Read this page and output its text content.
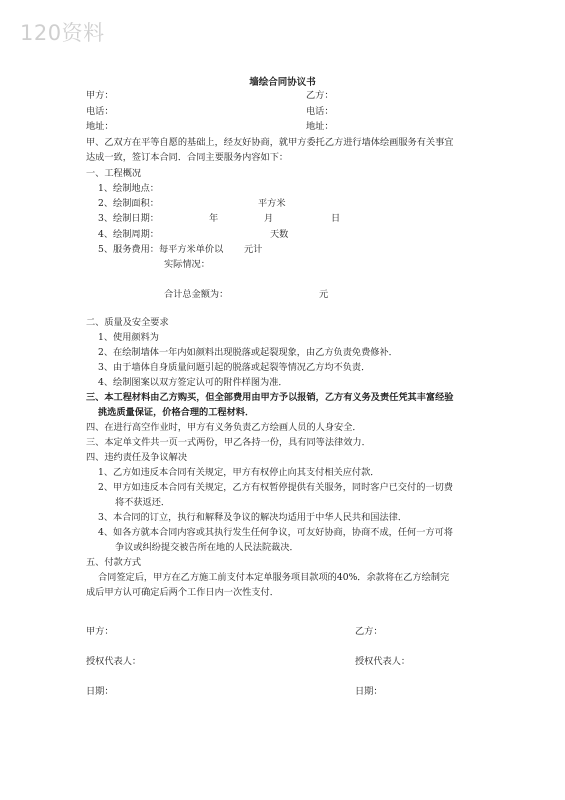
120资料
墙绘合同协议书
甲方：	乙方：
电话：	电话：
地址：	地址：
甲、乙双方在平等自愿的基础上，经友好协商，就甲方委托乙方进行墙体绘画服务有关事宜
达成一致，签订本合同．合同主要服务内容如下：
一、工程概况
1、绘制地点：
2、绘制面积：	平方米
3、绘制日期：	年	月	日
4、绘制周期：	天数
5、服务费用：每平方米单价以 元计
实际情况：
合计总金额为：	元
二、质量及安全要求
1、使用颜料为
2、在绘制墙体一年内如颜料出现脱落或起裂现象，由乙方负责免费修补．
3、由于墙体自身质量问题引起的脱落或起裂等情况乙方均不负责．
4、绘制图案以双方签定认可的附件样图为准．
三、本工程材料由乙方购买，但全部费用由甲方予以报销，乙方有义务及责任凭其丰富经验
挑选质量保证，价格合理的工程材料．
四、在进行高空作业时，甲方有义务负责乙方绘画人员的人身安全．
三、本定单文件共一页一式两份，甲乙各持一份，具有同等法律效力．
四、违约责任及争议解决
1、乙方如违反本合同有关规定，甲方有权停止向其支付相关应付款．
2、甲方如违反本合同有关规定，乙方有权暂停提供有关服务，同时客户已交付的一切费
将不获返还．
3、本合同的订立，执行和解释及争议的解决均适用于中华人民共和国法律．
4、如各方就本合同内容或其执行发生任何争议，可友好协商，协商不成，任何一方可将
争议或纠纷提交被告所在地的人民法院裁决．
五、付款方式
合同签定后，甲方在乙方施工前支付本定单服务项目款项的40%．余款将在乙方绘制完
成后甲方认可确定后两个工作日内一次性支付．
甲方：	乙方：
授权代表人：	授权代表人：
日期：	日期：
